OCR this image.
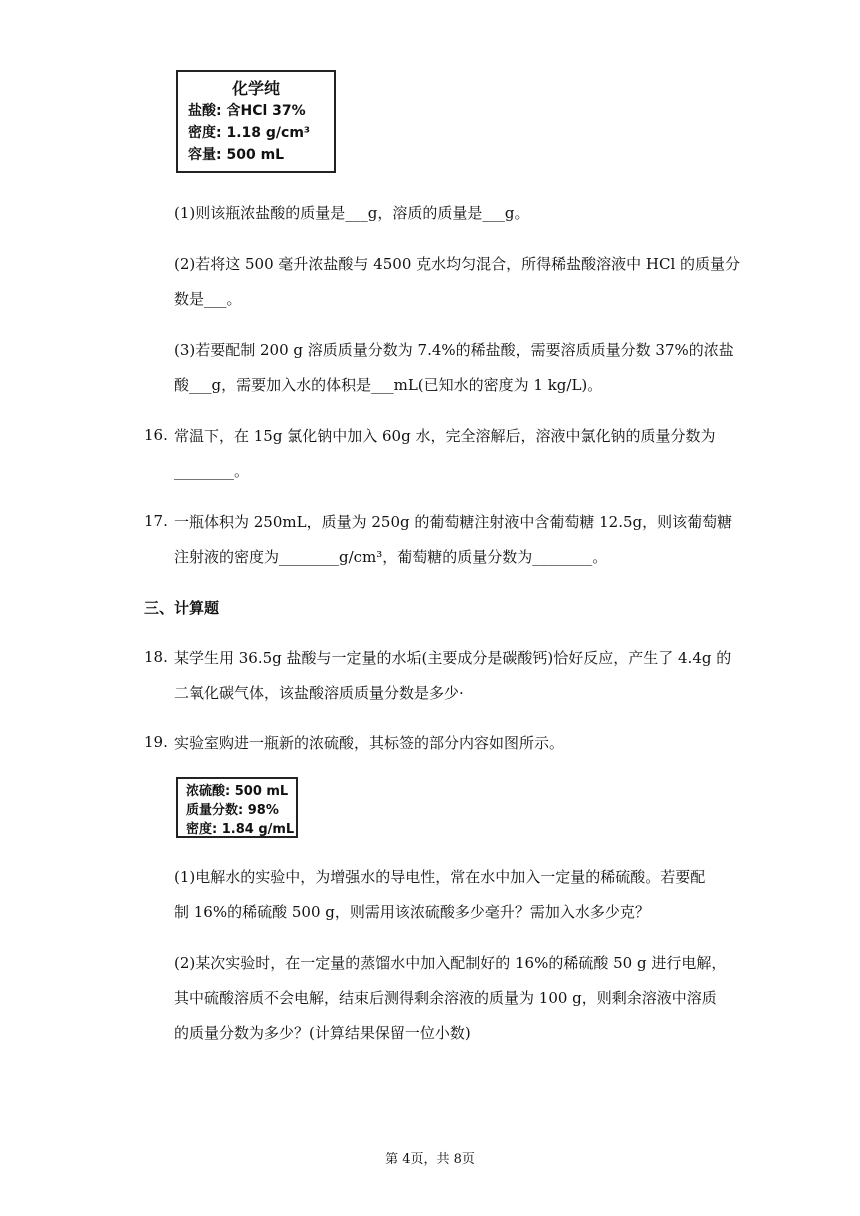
化学纯
盐酸: 含HCl 37%
密度: 1.18 g/cm³
容量: 500 mL
(1)则该瓶浓盐酸的质量是___g，溶质的质量是___g。
(2)若将这 500 毫升浓盐酸与 4500 克水均匀混合，所得稀盐酸溶液中 HCl 的质量分
数是___。
(3)若要配制 200 g 溶质质量分数为 7.4%的稀盐酸，需要溶质质量分数 37%的浓盐
酸___g，需要加入水的体积是___mL(已知水的密度为 1 kg/L)。
16. 常温下，在 15g 氯化钠中加入 60g 水，完全溶解后，溶液中氯化钠的质量分数为
________。
17. 一瓶体积为 250mL，质量为 250g 的葡萄糖注射液中含葡萄糖 12.5g，则该葡萄糖
注射液的密度为________g/cm³，葡萄糖的质量分数为________。
三、计算题
18. 某学生用 36.5g 盐酸与一定量的水垢(主要成分是碳酸钙)恰好反应，产生了 4.4g 的
二氧化碳气体，该盐酸溶质质量分数是多少·
19. 实验室购进一瓶新的浓硫酸，其标签的部分内容如图所示。
浓硫酸: 500 mL
质量分数: 98%
密度: 1.84 g/mL
(1)电解水的实验中，为增强水的导电性，常在水中加入一定量的稀硫酸。若要配
制 16%的稀硫酸 500 g，则需用该浓硫酸多少毫升？需加入水多少克？
(2)某次实验时，在一定量的蒸馏水中加入配制好的 16%的稀硫酸 50 g 进行电解，
其中硫酸溶质不会电解，结束后测得剩余溶液的质量为 100 g，则剩余溶液中溶质
的质量分数为多少？(计算结果保留一位小数)
第 4页，共 8页
